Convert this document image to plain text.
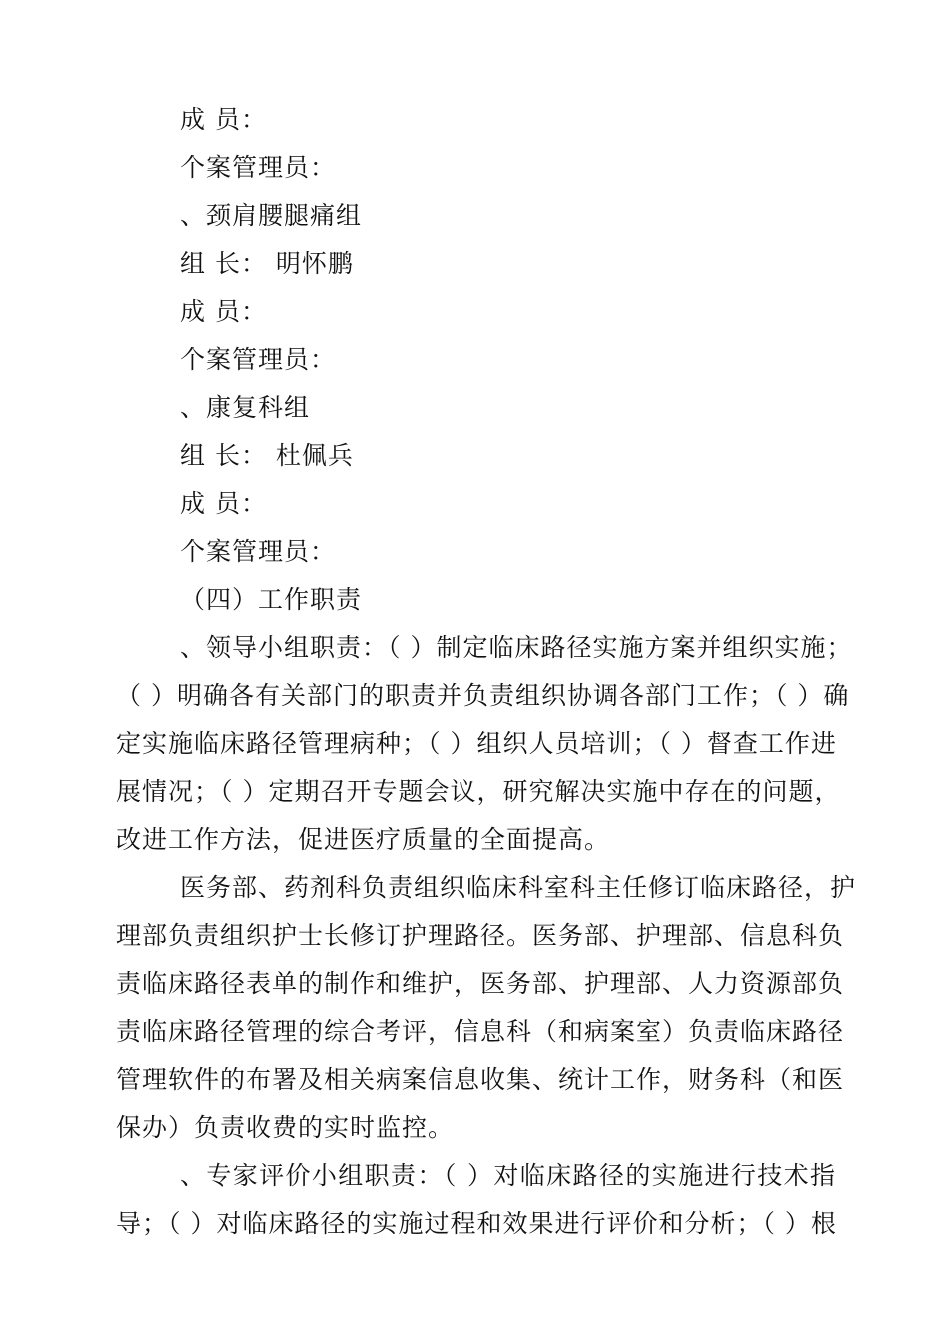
成 员：
个案管理员：
、颈肩腰腿痛组
组 长： 明怀鹏
成 员：
个案管理员：
、康复科组
组 长： 杜佩兵
成 员：
个案管理员：
（四）工作职责
、领导小组职责：（ ）制定临床路径实施方案并组织实施；
（ ）明确各有关部门的职责并负责组织协调各部门工作；（ ）确
定实施临床路径管理病种；（ ）组织人员培训；（ ）督查工作进
展情况；（ ）定期召开专题会议，研究解决实施中存在的问题，
改进工作方法，促进医疗质量的全面提高。
医务部、药剂科负责组织临床科室科主任修订临床路径，护
理部负责组织护士长修订护理路径。医务部、护理部、信息科负
责临床路径表单的制作和维护，医务部、护理部、人力资源部负
责临床路径管理的综合考评，信息科（和病案室）负责临床路径
管理软件的布署及相关病案信息收集、统计工作，财务科（和医
保办）负责收费的实时监控。
、专家评价小组职责：（ ）对临床路径的实施进行技术指
导；（ ）对临床路径的实施过程和效果进行评价和分析；（ ）根
